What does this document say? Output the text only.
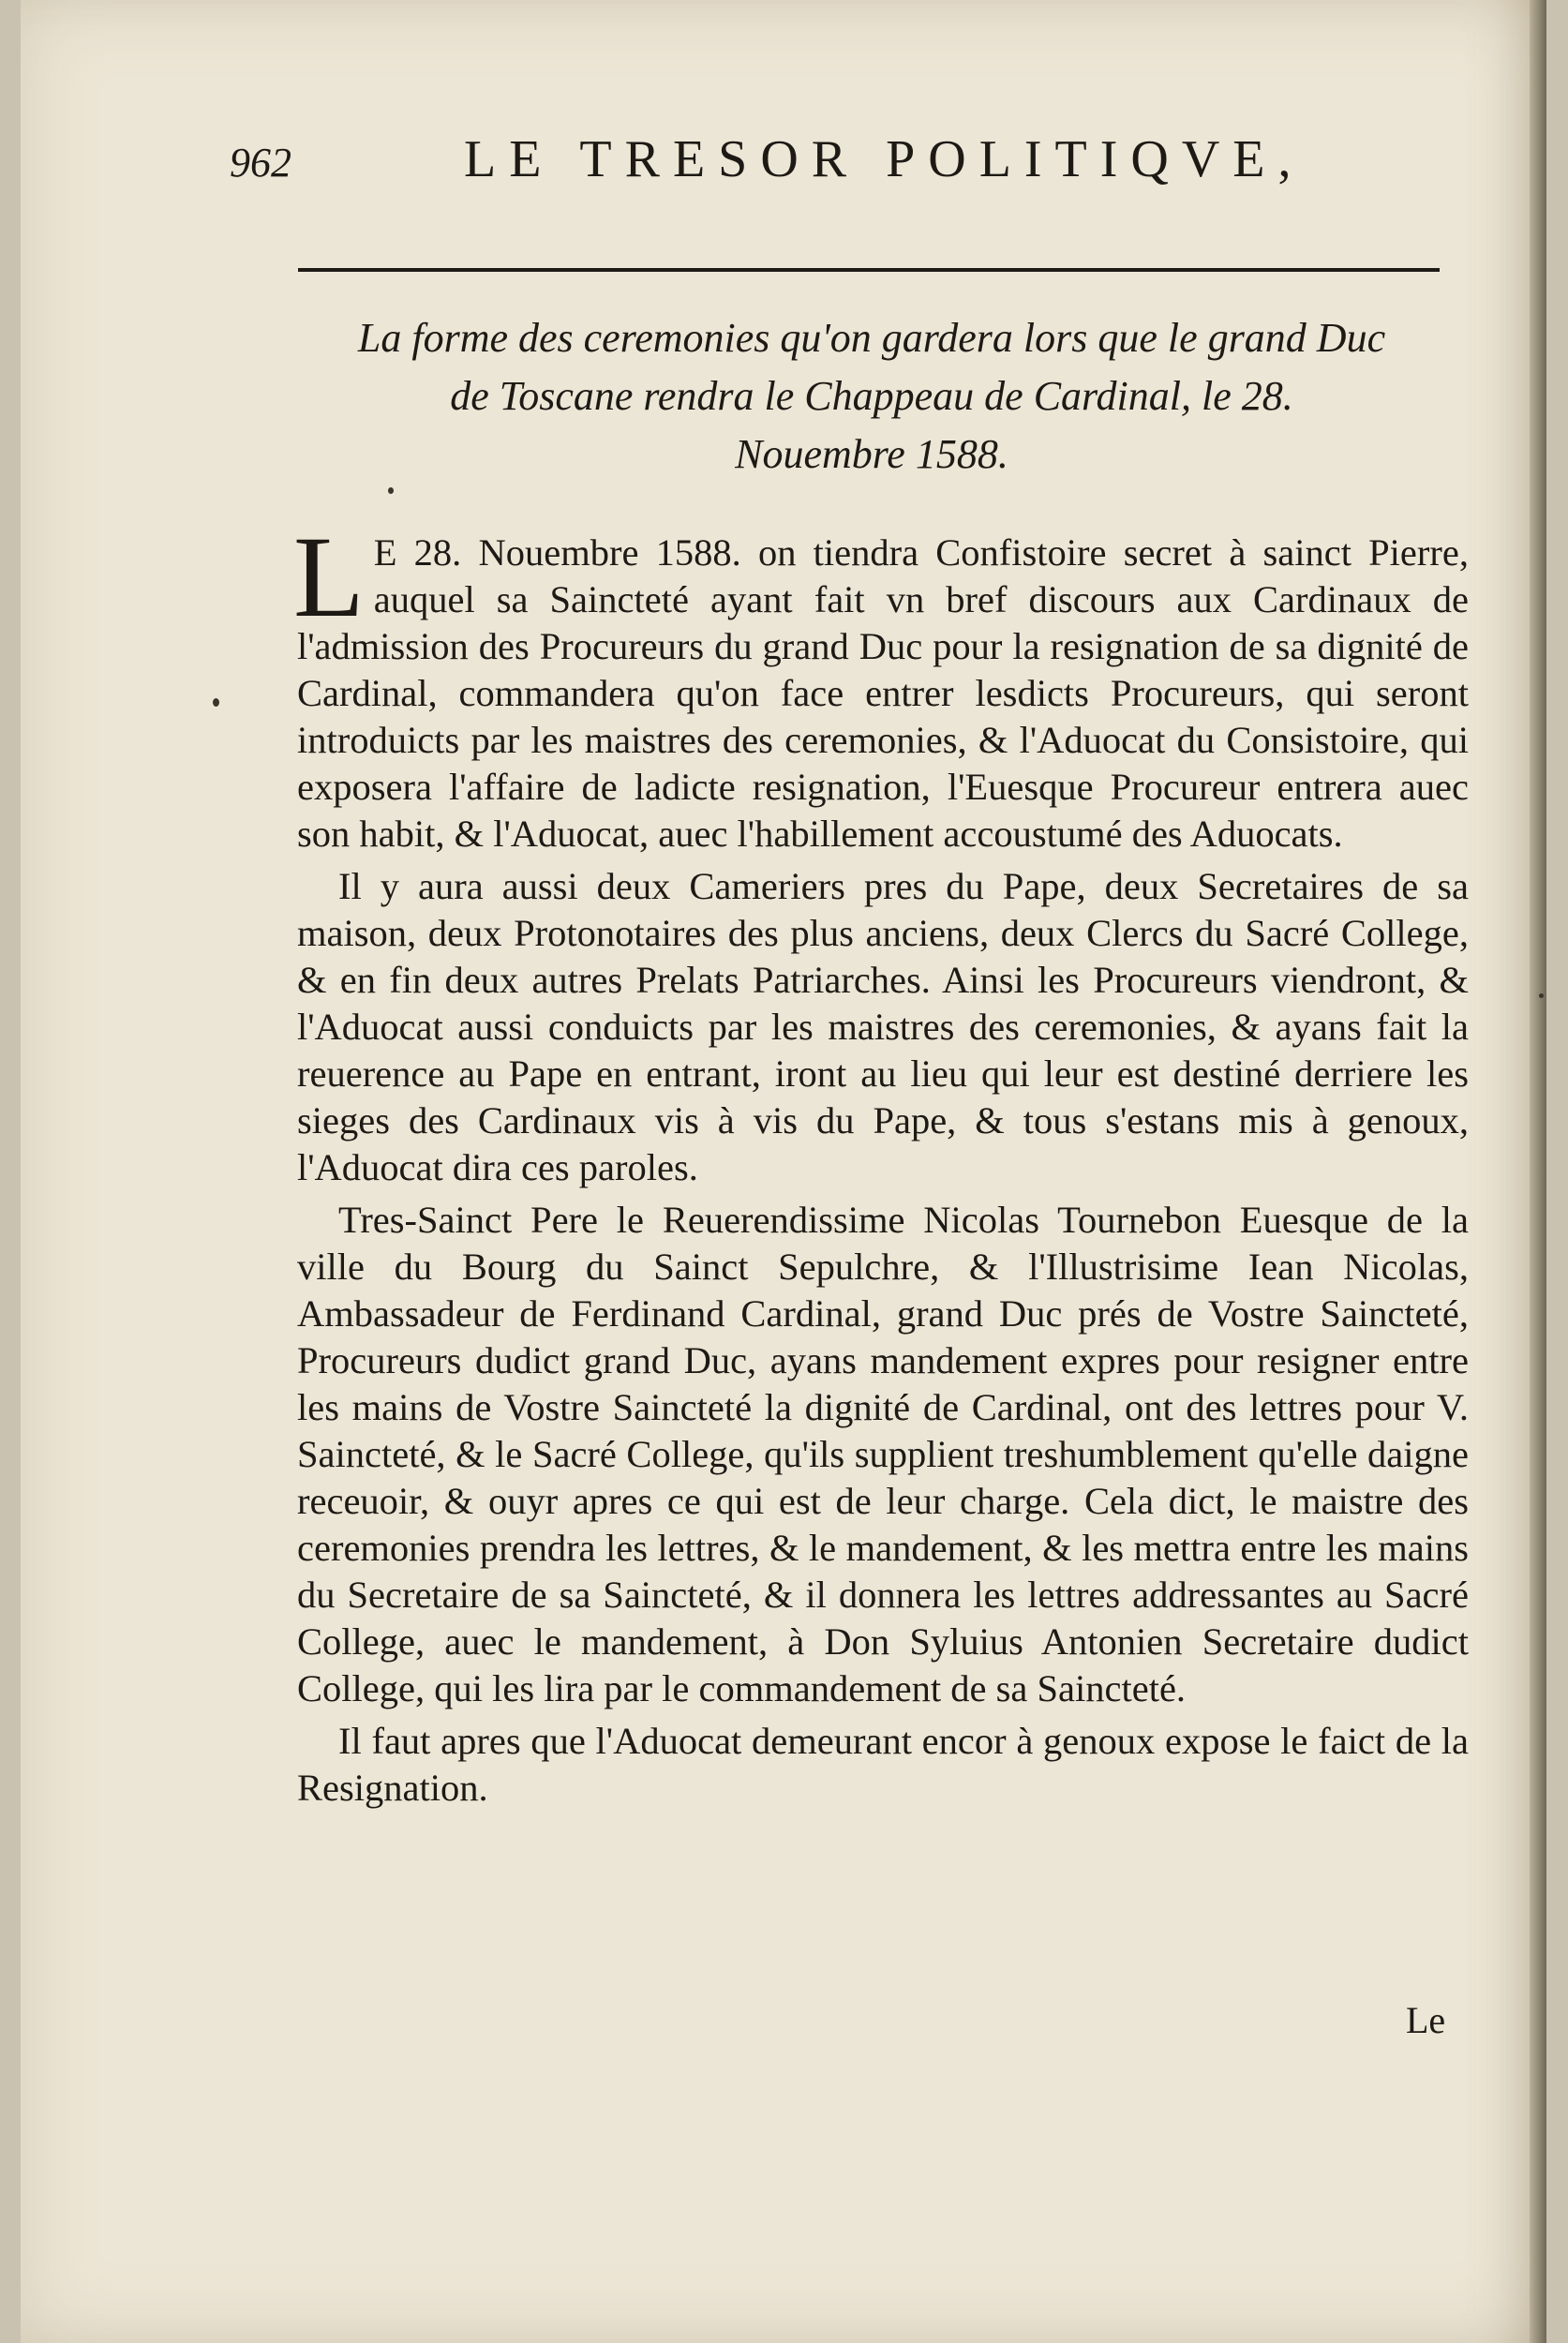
962	LE TRESOR POLITIQVE,
La forme des ceremonies qu'on gardera lors que le grand Duc
de Toscane rendra le Chappeau de Cardinal, le 28.
Nouembre 1588.

L E 28. Nouembre 1588. on tiendra Confistoire secret à sainct Pierre, auquel sa Saincteté ayant fait vn bref discours aux Cardinaux de l'admission des Procureurs du grand Duc pour la resignation de sa dignité de Cardinal, commandera qu'on face entrer lesdicts Procureurs, qui seront introduicts par les maistres des ceremonies, & l'Aduocat du Consistoire, qui exposera l'affaire de ladicte resignation, l'Euesque Procureur entrera auec son habit, & l'Aduocat, auec l'habillement accoustumé des Aduocats.

Il y aura aussi deux Cameriers pres du Pape, deux Secretaires de sa maison, deux Protonotaires des plus anciens, deux Clercs du Sacré College, & en fin deux autres Prelats Patriarches. Ainsi les Procureurs viendront, & l'Aduocat aussi conduicts par les maistres des ceremonies, & ayans fait la reuerence au Pape en entrant, iront au lieu qui leur est destiné derriere les sieges des Cardinaux vis à vis du Pape, & tous s'estans mis à genoux, l'Aduocat dira ces paroles.

Tres-Sainct Pere le Reuerendissime Nicolas Tournebon Euesque de la ville du Bourg du Sainct Sepulchre, & l'Illustrisime Iean Nicolas, Ambassadeur de Ferdinand Cardinal, grand Duc prés de Vostre Saincteté, Procureurs dudict grand Duc, ayans mandement expres pour resigner entre les mains de Vostre Saincteté la dignité de Cardinal, ont des lettres pour V. Saincteté, & le Sacré College, qu'ils supplient treshumblement qu'elle daigne receuoir, & ouyr apres ce qui est de leur charge. Cela dict, le maistre des ceremonies prendra les lettres, & le mandement, & les mettra entre les mains du Secretaire de sa Saincteté, & il donnera les lettres addressantes au Sacré College, auec le mandement, à Don Syluius Antonien Secretaire dudict College, qui les lira par le commandement de sa Saincteté.

Il faut apres que l'Aduocat demeurant encor à genoux expose le faict de la Resignation.

Le
